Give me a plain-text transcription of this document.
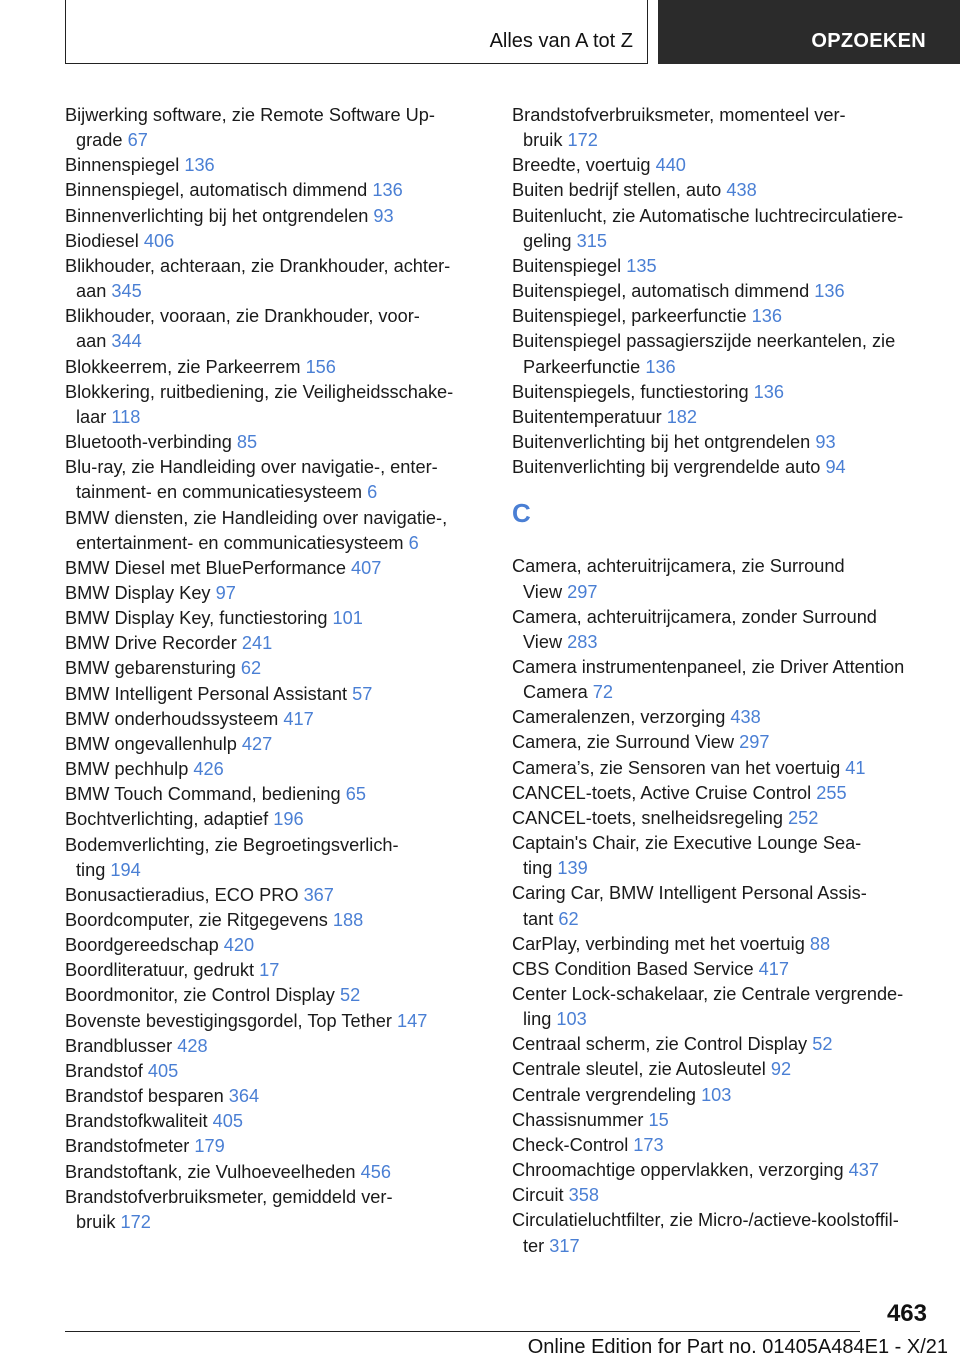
Alles van A tot Z	OPZOEKEN
Bijwerking software, zie Remote Software Up-
grade 67
Binnenspiegel 136
Binnenspiegel, automatisch dimmend 136
Binnenverlichting bij het ontgrendelen 93
Biodiesel 406
Blikhouder, achteraan, zie Drankhouder, achter-
aan 345
Blikhouder, vooraan, zie Drankhouder, voor-
aan 344
Blokkeerrem, zie Parkeerrem 156
Blokkering, ruitbediening, zie Veiligheidsschake-
laar 118
Bluetooth-verbinding 85
Blu-ray, zie Handleiding over navigatie-, enter-
tainment- en communicatiesysteem 6
BMW diensten, zie Handleiding over navigatie-,
entertainment- en communicatiesysteem 6
BMW Diesel met BluePerformance 407
BMW Display Key 97
BMW Display Key, functiestoring 101
BMW Drive Recorder 241
BMW gebarensturing 62
BMW Intelligent Personal Assistant 57
BMW onderhoudssysteem 417
BMW ongevallenhulp 427
BMW pechhulp 426
BMW Touch Command, bediening 65
Bochtverlichting, adaptief 196
Bodemverlichting, zie Begroetingsverlich-
ting 194
Bonusactieradius, ECO PRO 367
Boordcomputer, zie Ritgegevens 188
Boordgereedschap 420
Boordliteratuur, gedrukt 17
Boordmonitor, zie Control Display 52
Bovenste bevestigingsgordel, Top Tether 147
Brandblusser 428
Brandstof 405
Brandstof besparen 364
Brandstofkwaliteit 405
Brandstofmeter 179
Brandstoftank, zie Vulhoeveelheden 456
Brandstofverbruiksmeter, gemiddeld ver-
bruik 172
Brandstofverbruiksmeter, momenteel ver-
bruik 172
Breedte, voertuig 440
Buiten bedrijf stellen, auto 438
Buitenlucht, zie Automatische luchtrecirculatiere-
geling 315
Buitenspiegel 135
Buitenspiegel, automatisch dimmend 136
Buitenspiegel, parkeerfunctie 136
Buitenspiegel passagierszijde neerkantelen, zie
Parkeerfunctie 136
Buitenspiegels, functiestoring 136
Buitentemperatuur 182
Buitenverlichting bij het ontgrendelen 93
Buitenverlichting bij vergrendelde auto 94
C
Camera, achteruitrijcamera, zie Surround
View 297
Camera, achteruitrijcamera, zonder Surround
View 283
Camera instrumentenpaneel, zie Driver Attention
Camera 72
Cameralenzen, verzorging 438
Camera, zie Surround View 297
Camera’s, zie Sensoren van het voertuig 41
CANCEL-toets, Active Cruise Control 255
CANCEL-toets, snelheidsregeling 252
Captain's Chair, zie Executive Lounge Sea-
ting 139
Caring Car, BMW Intelligent Personal Assis-
tant 62
CarPlay, verbinding met het voertuig 88
CBS Condition Based Service 417
Center Lock-schakelaar, zie Centrale vergrende-
ling 103
Centraal scherm, zie Control Display 52
Centrale sleutel, zie Autosleutel 92
Centrale vergrendeling 103
Chassisnummer 15
Check-Control 173
Chroomachtige oppervlakken, verzorging 437
Circuit 358
Circulatieluchtfilter, zie Micro-/actieve-koolstoffil-
ter 317
463
Online Edition for Part no. 01405A484E1 - X/21
